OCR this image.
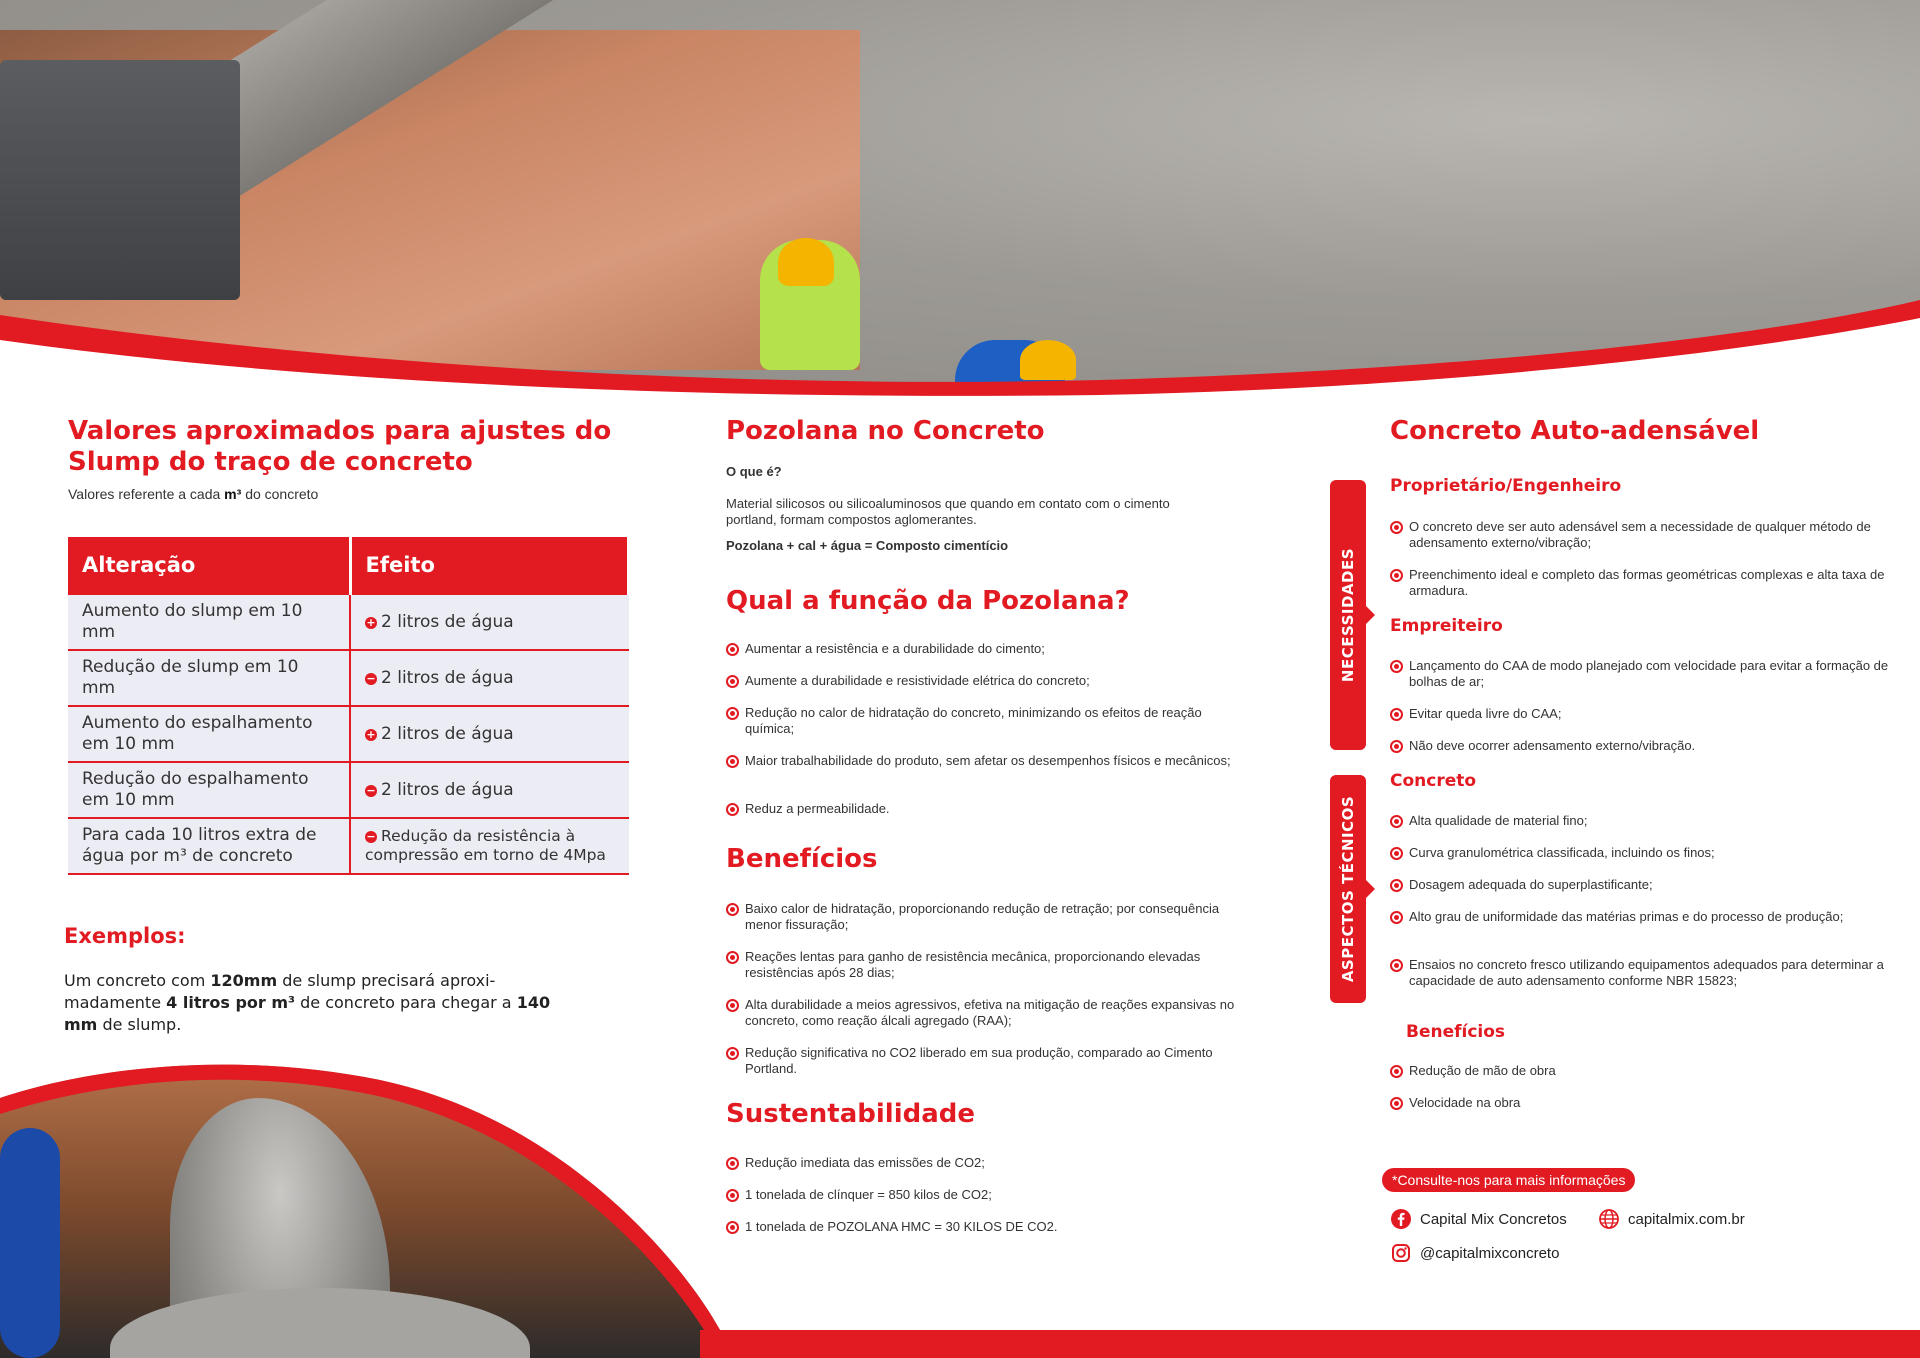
Valores aproximados para ajustes do Slump do traço de concreto
Valores referente a cada m³ do concreto
Alteração	Efeito
Aumento do slump em 10 mm	+ 2 litros de água
Redução de slump em 10 mm	− 2 litros de água
Aumento do espalhamento em 10 mm	+ 2 litros de água
Redução do espalhamento em 10 mm	− 2 litros de água
Para cada 10 litros extra de água por m³ de concreto	− Redução da resistência à compressão em torno de 4Mpa
Exemplos:
Um concreto com 120mm de slump precisará aproxi-madamente 4 litros por m³ de concreto para chegar a 140 mm de slump.
Pozolana no Concreto
O que é?
Material silicosos ou silicoaluminosos que quando em contato com o cimento portland, formam compostos aglomerantes.
Pozolana + cal + água = Composto cimentício
Qual a função da Pozolana?
Aumentar a resistência e a durabilidade do cimento;
Aumente a durabilidade e resistividade elétrica do concreto;
Redução no calor de hidratação do concreto, minimizando os efeitos de reação química;
Maior trabalhabilidade do produto, sem afetar os desempenhos físicos e mecânicos;
Reduz a permeabilidade.
Benefícios
Baixo calor de hidratação, proporcionando redução de retração; por consequência menor fissuração;
Reações lentas para ganho de resistência mecânica, proporcionando elevadas resistências após 28 dias;
Alta durabilidade a meios agressivos, efetiva na mitigação de reações expansivas no concreto, como reação álcali agregado (RAA);
Redução significativa no CO2 liberado em sua produção, comparado ao Cimento Portland.
Sustentabilidade
Redução imediata das emissões de CO2;
1 tonelada de clínquer = 850 kilos de CO2;
1 tonelada de POZOLANA HMC = 30 KILOS DE CO2.
Concreto Auto-adensável
NECESSIDADES
ASPECTOS TÉCNICOS
Proprietário/Engenheiro
O concreto deve ser auto adensável sem a necessidade de qualquer método de adensamento externo/vibração;
Preenchimento ideal e completo das formas geométricas complexas e alta taxa de armadura.
Empreiteiro
Lançamento do CAA de modo planejado com velocidade para evitar a formação de bolhas de ar;
Evitar queda livre do CAA;
Não deve ocorrer adensamento externo/vibração.
Concreto
Alta qualidade de material fino;
Curva granulométrica classificada, incluindo os finos;
Dosagem adequada do superplastificante;
Alto grau de uniformidade das matérias primas e do processo de produção;
Ensaios no concreto fresco utilizando equipamentos adequados para determinar a capacidade de auto adensamento conforme NBR 15823;
Benefícios
Redução de mão de obra
Velocidade na obra
*Consulte-nos para mais informações
Capital Mix Concretos	capitalmix.com.br
@capitalmixconcreto
